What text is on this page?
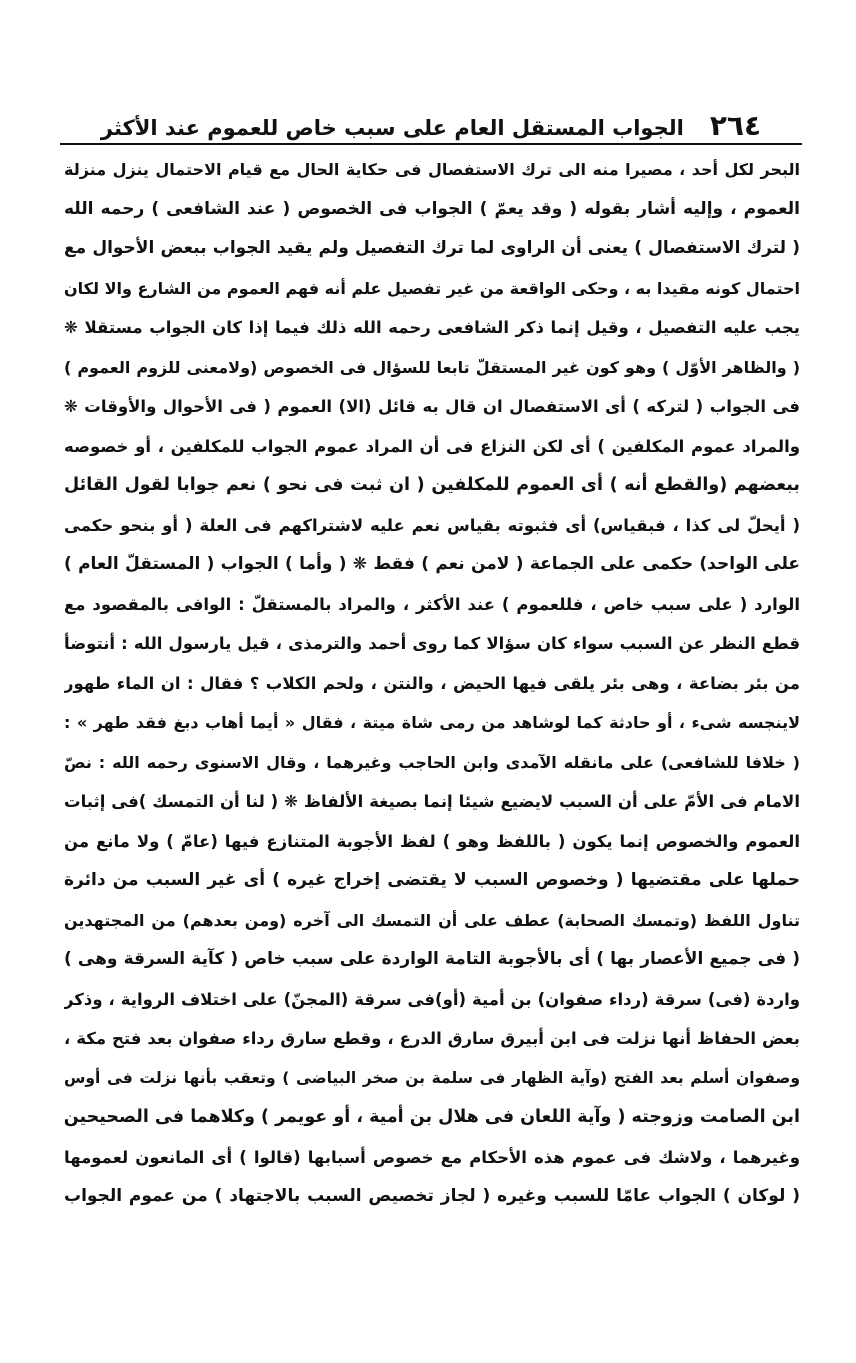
٢٦٤
الجواب المستقل العام على سبب خاص للعموم عند الأكثر
البحر لكل أحد ، مصيرا منه الى ترك الاستفصال فى حكاية الحال مع قيام الاحتمال ينزل منزلة
العموم ، وإليه أشار بقوله ( وقد يعمّ ) الجواب فى الخصوص ( عند الشافعى ) رحمه الله
( لترك الاستفصال ) يعنى أن الراوى لما ترك التفصيل ولم يقيد الجواب ببعض الأحوال مع
احتمال كونه مقيدا به ، وحكى الواقعة من غير تفصيل علم أنه فهم العموم من الشارع والا لكان
يجب عليه التفصيل ، وقيل إنما ذكر الشافعى رحمه الله ذلك فيما إذا كان الجواب مستقلا ❋
( والظاهر الأوّل ) وهو كون غير المستقلّ تابعا للسؤال فى الخصوص (ولامعنى للزوم العموم )
فى الجواب ( لتركه ) أى الاستفصال ان قال به قائل (الا) العموم ( فى الأحوال والأوقات ❋
والمراد عموم المكلفين ) أى لكن النزاع فى أن المراد عموم الجواب للمكلفين ، أو خصوصه
ببعضهم (والقطع أنه ) أى العموم للمكلفين ( ان ثبت فى نحو ) نعم جوابا لقول القائل
( أيحلّ لى كذا ، فبقياس) أى فثبوته بقياس نعم عليه لاشتراكهم فى العلة ( أو بنحو حكمى
على الواحد) حكمى على الجماعة ( لامن نعم ) فقط ❋ ( وأما ) الجواب ( المستقلّ العام )
الوارد ( على سبب خاص ، فللعموم ) عند الأكثر ، والمراد بالمستقلّ : الوافى بالمقصود مع
قطع النظر عن السبب سواء كان سؤالا كما روى أحمد والترمذى ، قيل يارسول الله : أنتوضأ
من بئر بضاعة ، وهى بئر يلقى فيها الحيض ، والنتن ، ولحم الكلاب ؟ فقال : ان الماء طهور
لاينجسه شىء ، أو حادثة كما لوشاهد من رمى شاة ميتة ، فقال « أيما أهاب دبغ فقد طهر » :
( خلافا للشافعى) على مانقله الآمدى وابن الحاجب وغيرهما ، وقال الاسنوى رحمه الله : نصّ
الامام فى الأمّ على أن السبب لايضيع شيئا إنما بصيغة الألفاظ ❋ ( لنا أن التمسك )فى إثبات
العموم والخصوص إنما يكون ( باللفظ وهو ) لفظ الأجوبة المتنازع فيها (عامّ ) ولا مانع من
حملها على مقتضيها ( وخصوص السبب لا يقتضى إخراج غيره ) أى غير السبب من دائرة
تناول اللفظ (وتمسك الصحابة) عطف على أن التمسك الى آخره (ومن بعدهم) من المجتهدين
( فى جميع الأعصار بها ) أى بالأجوبة التامة الواردة على سبب خاص ( كآية السرقة وهى )
واردة (فى) سرقة (رداء صفوان) بن أمية (أو)فى سرقة (المجنّ) على اختلاف الرواية ، وذكر
بعض الحفاظ أنها نزلت فى ابن أبيرق سارق الدرع ، وقطع سارق رداء صفوان بعد فتح مكة ،
وصفوان أسلم بعد الفتح (وآية الظهار فى سلمة بن صخر البياضى ) وتعقب بأنها نزلت فى أوس
ابن الصامت وزوجته ( وآية اللعان فى هلال بن أمية ، أو عويمر ) وكلاهما فى الصحيحين
وغيرهما ، ولاشك فى عموم هذه الأحكام مع خصوص أسبابها (قالوا ) أى المانعون لعمومها
( لوكان ) الجواب عامّا للسبب وغيره ( لجاز تخصيص السبب بالاجتهاد ) من عموم الجواب
